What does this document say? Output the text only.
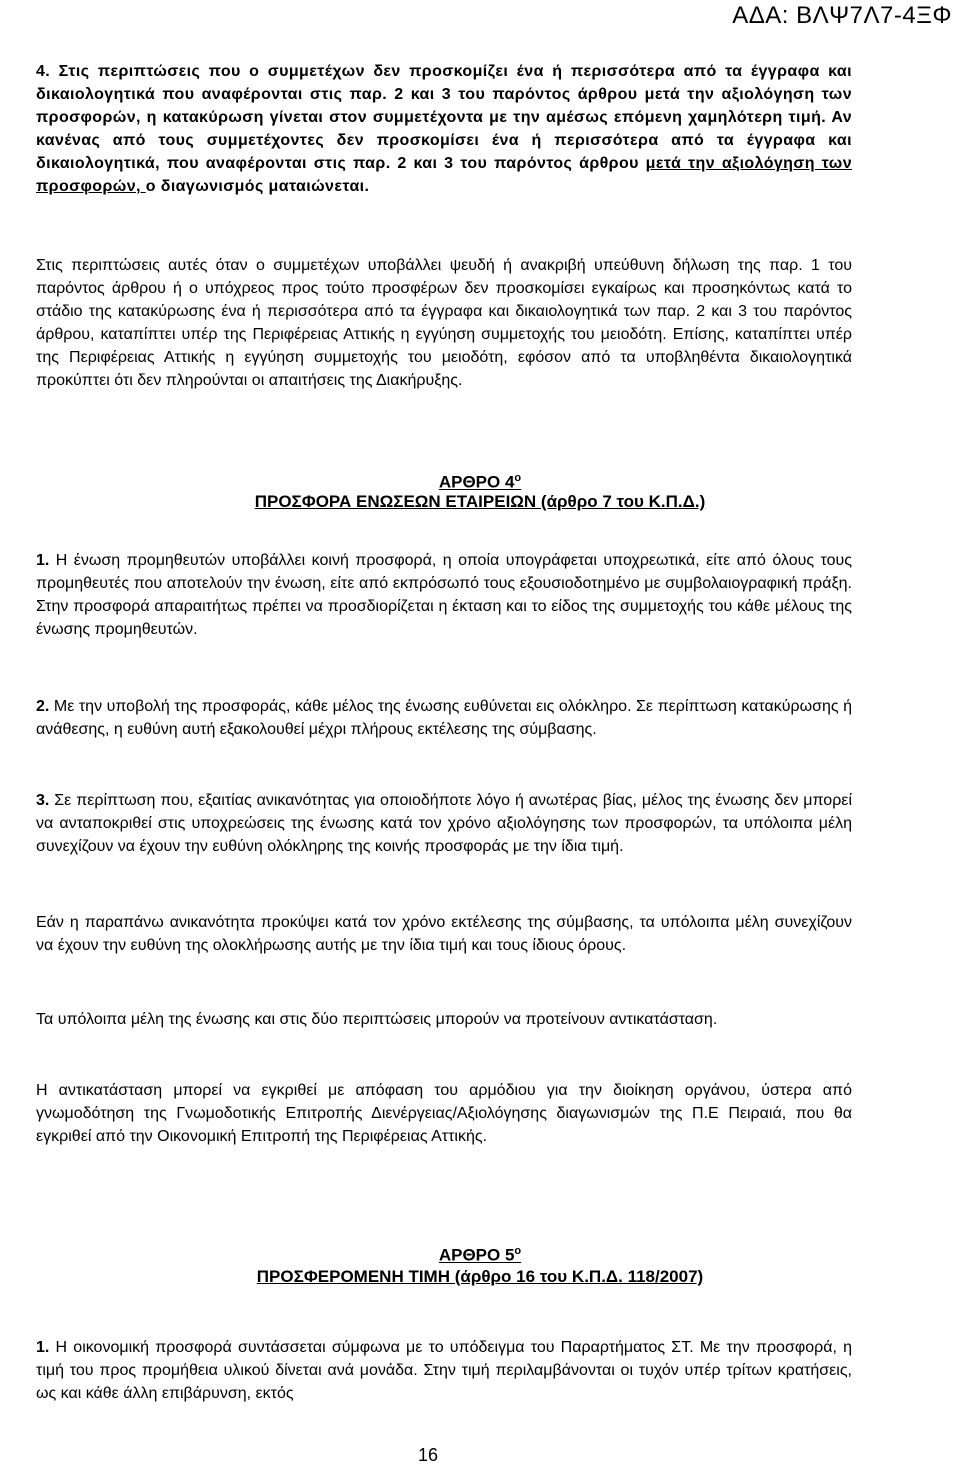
ΑΔΑ: ΒΛΨ7Λ7-4ΞΦ
4. Στις περιπτώσεις που ο συμμετέχων δεν προσκομίζει ένα ή περισσότερα από τα έγγραφα και δικαιολογητικά που αναφέρονται στις παρ. 2 και 3 του παρόντος άρθρου μετά την αξιολόγηση των προσφορών, η κατακύρωση γίνεται στον συμμετέχοντα με την αμέσως επόμενη χαμηλότερη τιμή. Αν κανένας από τους συμμετέχοντες δεν προσκομίσει ένα ή περισσότερα από τα έγγραφα και δικαιολογητικά, που αναφέρονται στις παρ. 2 και 3 του παρόντος άρθρου μετά την αξιολόγηση των προσφορών, ο διαγωνισμός ματαιώνεται.
Στις περιπτώσεις αυτές όταν ο συμμετέχων υποβάλλει ψευδή ή ανακριβή υπεύθυνη δήλωση της παρ. 1 του παρόντος άρθρου ή ο υπόχρεος προς τούτο προσφέρων δεν προσκομίσει εγκαίρως και προσηκόντως κατά το στάδιο της κατακύρωσης ένα ή περισσότερα από τα έγγραφα και δικαιολογητικά των παρ. 2 και 3 του παρόντος άρθρου, καταπίπτει υπέρ της Περιφέρειας Αττικής η εγγύηση συμμετοχής του μειοδότη. Επίσης, καταπίπτει υπέρ της Περιφέρειας Αττικής η εγγύηση συμμετοχής του μειοδότη, εφόσον από τα υποβληθέντα δικαιολογητικά προκύπτει ότι δεν πληρούνται οι απαιτήσεις της Διακήρυξης.
ΑΡΘΡΟ $4^o$
ΠΡΟΣΦΟΡΑ ΕΝΩΣΕΩΝ ΕΤΑΙΡΕΙΩΝ (άρθρο 7 του Κ.Π.Δ.)
1. Η ένωση προμηθευτών υποβάλλει κοινή προσφορά, η οποία υπογράφεται υποχρεωτικά, είτε από όλους τους προμηθευτές που αποτελούν την ένωση, είτε από εκπρόσωπό τους εξουσιοδοτημένο με συμβολαιογραφική πράξη. Στην προσφορά απαραιτήτως πρέπει να προσδιορίζεται η έκταση και το είδος της συμμετοχής του κάθε μέλους της ένωσης προμηθευτών.
2. Με την υποβολή της προσφοράς, κάθε μέλος της ένωσης ευθύνεται εις ολόκληρο. Σε περίπτωση κατακύρωσης ή ανάθεσης, η ευθύνη αυτή εξακολουθεί μέχρι πλήρους εκτέλεσης της σύμβασης.
3. Σε περίπτωση που, εξαιτίας ανικανότητας για οποιοδήποτε λόγο ή ανωτέρας βίας, μέλος της ένωσης δεν μπορεί να ανταποκριθεί στις υποχρεώσεις της ένωσης κατά τον χρόνο αξιολόγησης των προσφορών, τα υπόλοιπα μέλη συνεχίζουν να έχουν την ευθύνη ολόκληρης της κοινής προσφοράς με την ίδια τιμή.
Εάν η παραπάνω ανικανότητα προκύψει κατά τον χρόνο εκτέλεσης της σύμβασης, τα υπόλοιπα μέλη συνεχίζουν να έχουν την ευθύνη της ολοκλήρωσης αυτής με την ίδια τιμή και τους ίδιους όρους.
Τα υπόλοιπα μέλη της ένωσης και στις δύο περιπτώσεις μπορούν να προτείνουν αντικατάσταση.
Η αντικατάσταση μπορεί να εγκριθεί με απόφαση του αρμόδιου για την διοίκηση οργάνου, ύστερα από γνωμοδότηση της Γνωμοδοτικής Επιτροπής Διενέργειας/Αξιολόγησης διαγωνισμών της Π.Ε Πειραιά, που θα εγκριθεί από την Οικονομική Επιτροπή της Περιφέρειας Αττικής.
ΑΡΘΡΟ $5^o$
ΠΡΟΣΦΕΡΟΜΕΝΗ ΤΙΜΗ (άρθρο 16 του Κ.Π.Δ. 118/2007)
1. Η οικονομική προσφορά συντάσσεται σύμφωνα με το υπόδειγμα του Παραρτήματος ΣΤ. Με την προσφορά, η τιμή του προς προμήθεια υλικού δίνεται ανά μονάδα. Στην τιμή περιλαμβάνονται οι τυχόν υπέρ τρίτων κρατήσεις, ως και κάθε άλλη επιβάρυνση, εκτός
16
